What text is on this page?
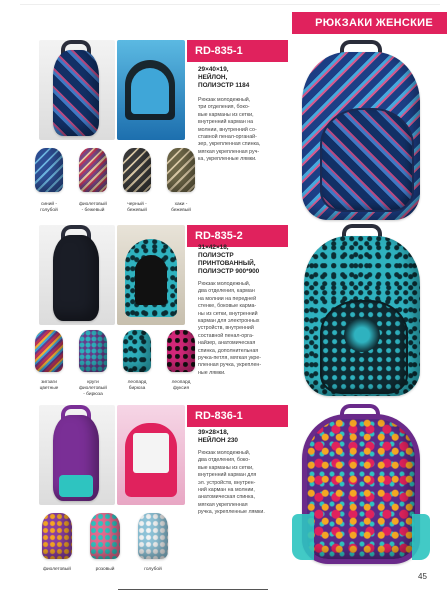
РЮКЗАКИ ЖЕНСКИЕ
RD-835-1
29×40×19,
НЕЙЛОН,
ПОЛИЭСТР 1184
Рюкзак молодежный,
три отделения, боко-
вые карманы из сетки,
внутренний карман на
молнии, внутренний со-
ставной пенал-органай-
зер, укрепленная спинка,
мягкая укрепленная руч-
ка, укрепленные лямки.
синий -
голубой
фиолетовый
- бежевый
черный -
бежевый
хаки -
бежевый
RD-835-2
31×42×18,
ПОЛИЭСТР
ПРИНТОВАННЫЙ,
ПОЛИЭСТР 900*900
Рюкзак молодежный,
два отделения, карман
на молнии на передней
стенке, боковые карма-
ны из сетки, внутренний
карман для электронных
устройств, внутренний
составной пенал-орга-
найзер, анатомическая
спинка, дополнительная
ручка-петля, мягкая укре-
пленная ручка, укреплен-
ные лямки.
зигзаги
цветные
круги
фиолетовый
- бирюза
леопард
бирюза
леопард
фуксия
RD-836-1
39×28×18,
НЕЙЛОН 230
Рюкзак молодежный,
два отделения, боко-
вые карманы из сетки,
внутренний карман для
эл. устройств, внутрен-
ний карман на молнии,
анатомическая спинка,
мягкая укрепленная
ручка, укрепленные лямки.
фиолетовый	розовый	голубой
45
